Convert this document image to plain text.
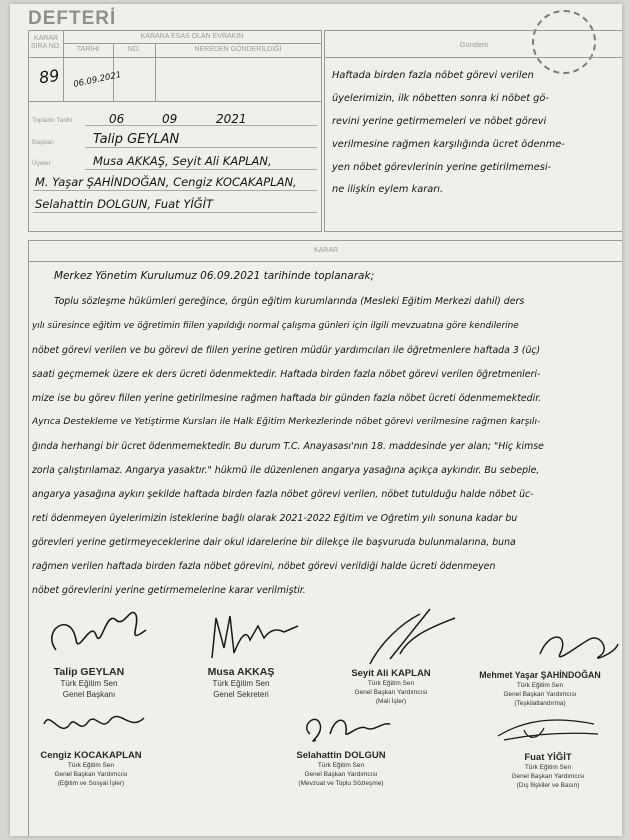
DEFTERİ
KARAR SIRA NO.
KARARA ESAS OLAN EVRAKIN
TARİHİ	NO.	NEREDEN GÖNDERİLDİĞİ
89 06.09.2021
Toplantı Tarihi	06	09	2021
Başkan	Talip GEYLAN
Üyeler	Musa AKKAŞ, Seyit Ali KAPLAN,
M. Yaşar ŞAHİNDOĞAN, Cengiz KOCAKAPLAN,
Selahattin DOLGUN, Fuat YİĞİT
Gündem
Haftada birden fazla nöbet görevi verilen
üyelerimizin, ilk nöbetten sonra ki nöbet gö-
revini yerine getirmemeleri ve nöbet görevi
verilmesine rağmen karşılığında ücret ödenme-
yen nöbet görevlerinin yerine getirilmemesi-
ne ilişkin eylem kararı.
KARAR
Merkez Yönetim Kurulumuz 06.09.2021 tarihinde toplanarak;
Toplu sözleşme hükümleri gereğince, örgün eğitim kurumlarında (Mesleki Eğitim Merkezi dahil) ders
yılı süresince eğitim ve öğretimin fiilen yapıldığı normal çalışma günleri için ilgili mevzuatına göre kendilerine
nöbet görevi verilen ve bu görevi de fiilen yerine getiren müdür yardımcıları ile öğretmenlere haftada 3 (üç)
saati geçmemek üzere ek ders ücreti ödenmektedir. Haftada birden fazla nöbet görevi verilen öğretmenleri-
mize ise bu görev fiilen yerine getirilmesine rağmen haftada bir günden fazla nöbet ücreti ödenmemektedir.
Ayrıca Destekleme ve Yetiştirme Kursları ile Halk Eğitim Merkezlerinde nöbet görevi verilmesine rağmen karşılı-
ğında herhangi bir ücret ödenmemektedir. Bu durum T.C. Anayasası'nın 18. maddesinde yer alan; "Hiç kimse
zorla çalıştırılamaz. Angarya yasaktır." hükmü ile düzenlenen angarya yasağına açıkça aykırıdır. Bu sebeple,
angarya yasağına aykırı şekilde haftada birden fazla nöbet görevi verilen, nöbet tutulduğu halde nöbet üc-
reti ödenmeyen üyelerimizin isteklerine bağlı olarak 2021-2022 Eğitim ve Öğretim yılı sonuna kadar bu
görevleri yerine getirmeyeceklerine dair okul idarelerine bir dilekçe ile başvuruda bulunmalarına, buna
rağmen verilen haftada birden fazla nöbet görevini, nöbet görevi verildiği halde ücreti ödenmeyen
nöbet görevlerini yerine getirmemelerine karar verilmiştir.
Talip GEYLAN
Türk Eğitim Sen
Genel Başkanı
Musa AKKAŞ
Türk Eğitim Sen
Genel Sekreteri
Seyit Ali KAPLAN
Türk Eğitim Sen
Genel Başkan Yardımcısı
(Mali İşler)
Mehmet Yaşar ŞAHİNDOĞAN
Türk Eğitim Sen
Genel Başkan Yardımcısı
(Teşkilatlandırma)
Cengiz KOCAKAPLAN
Türk Eğitim Sen
Genel Başkan Yardımcısı
(Eğitim ve Sosyal İşler)
Selahattin DOLGUN
Türk Eğitim Sen
Genel Başkan Yardımcısı
(Mevzuat ve Toplu Sözleşme)
Fuat YİĞİT
Türk Eğitim Sen
Genel Başkan Yardımcısı
(Dış İlişkiler ve Basın)
